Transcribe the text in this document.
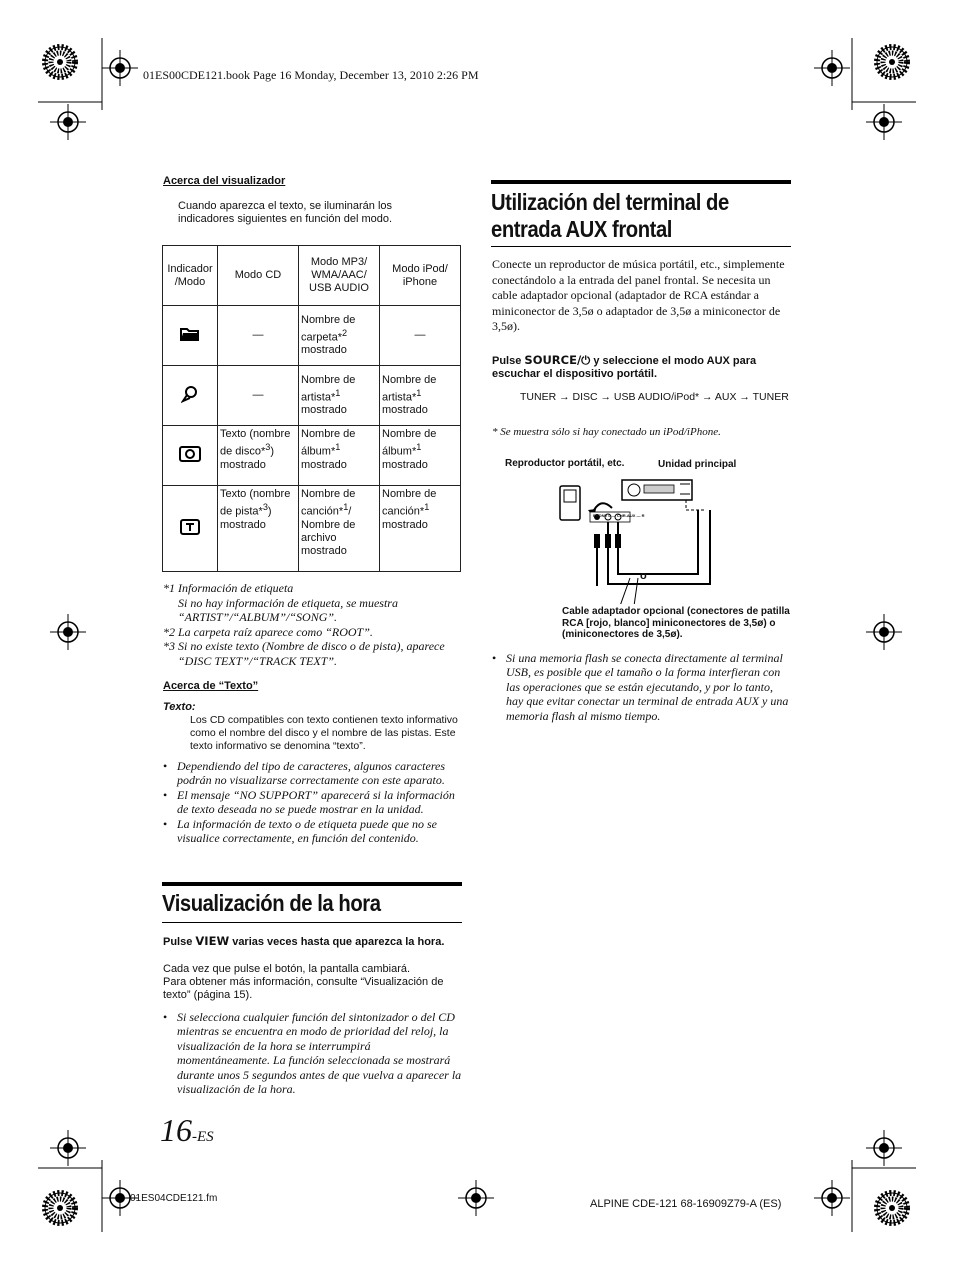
01ES00CDE121.book Page 16 Monday, December 13, 2010 2:26 PM
Acerca del visualizador
Cuando aparezca el texto, se iluminarán los indicadores siguientes en función del modo.
Indicador /Modo	Modo CD	Modo MP3/ WMA/AAC/ USB AUDIO	Modo iPod/ iPhone
	—	Nombre de carpeta*$^2$ mostrado	—
	—	Nombre de artista*$^1$ mostrado	Nombre de artista*$^1$ mostrado
	Texto (nombre de disco*$^3$) mostrado	Nombre de álbum*$^1$ mostrado	Nombre de álbum*$^1$ mostrado
	Texto (nombre de pista*$^3$) mostrado	Nombre de canción*$^1$/ Nombre de archivo mostrado	Nombre de canción*$^1$ mostrado
*1 Información de etiqueta
Si no hay información de etiqueta, se muestra “ARTIST”/“ALBUM”/“SONG”.
*2 La carpeta raíz aparece como “ROOT”.
*3 Si no existe texto (Nombre de disco o de pista), aparece “DISC TEXT”/“TRACK TEXT”.
Acerca de “Texto”
Texto:
Los CD compatibles con texto contienen texto informativo como el nombre del disco y el nombre de las pistas. Este texto informativo se denomina “texto”.
• Dependiendo del tipo de caracteres, algunos caracteres podrán no visualizarse correctamente con este aparato.
• El mensaje “NO SUPPORT” aparecerá si la información de texto deseada no se puede mostrar en la unidad.
• La información de texto o de etiqueta puede que no se visualice correctamente, en función del contenido.
Visualización de la hora
Pulse VIEW varias veces hasta que aparezca la hora.
Cada vez que pulse el botón, la pantalla cambiará.
Para obtener más información, consulte “Visualización de texto” (página 15).
• Si selecciona cualquier función del sintonizador o del CD mientras se encuentra en modo de prioridad del reloj, la visualización de la hora se interrumpirá momentáneamente. La función seleccionada se mostrará durante unos 5 segundos antes de que vuelva a aparecer la visualización de la hora.
16-ES
Utilización del terminal de
entrada AUX frontal
Conecte un reproductor de música portátil, etc., simplemente conectándolo a la entrada del panel frontal. Se necesita un cable adaptador opcional (adaptador de RCA estándar a miniconector de 3,5ø o adaptador de 3,5ø a miniconector de 3,5ø).
Pulse SOURCE/⏻ y seleccione el modo AUX para escuchar el dispositivo portátil.
TUNER → DISC → USB AUDIO/iPod* → AUX → TUNER
* Se muestra sólo si hay conectado un iPod/iPhone.
Reproductor portátil, etc.	Unidad principal
PHONE L — CHR-AUX — R
o
Cable adaptador opcional (conectores de patilla RCA [rojo, blanco] miniconectores de 3,5ø) o (miniconectores de 3,5ø).
• Si una memoria flash se conecta directamente al terminal USB, es posible que el tamaño o la forma interfieran con las operaciones que se están ejecutando, y por lo tanto, hay que evitar conectar un terminal de entrada AUX y una memoria flash al mismo tiempo.
01ES04CDE121.fm	ALPINE CDE-121 68-16909Z79-A (ES)
